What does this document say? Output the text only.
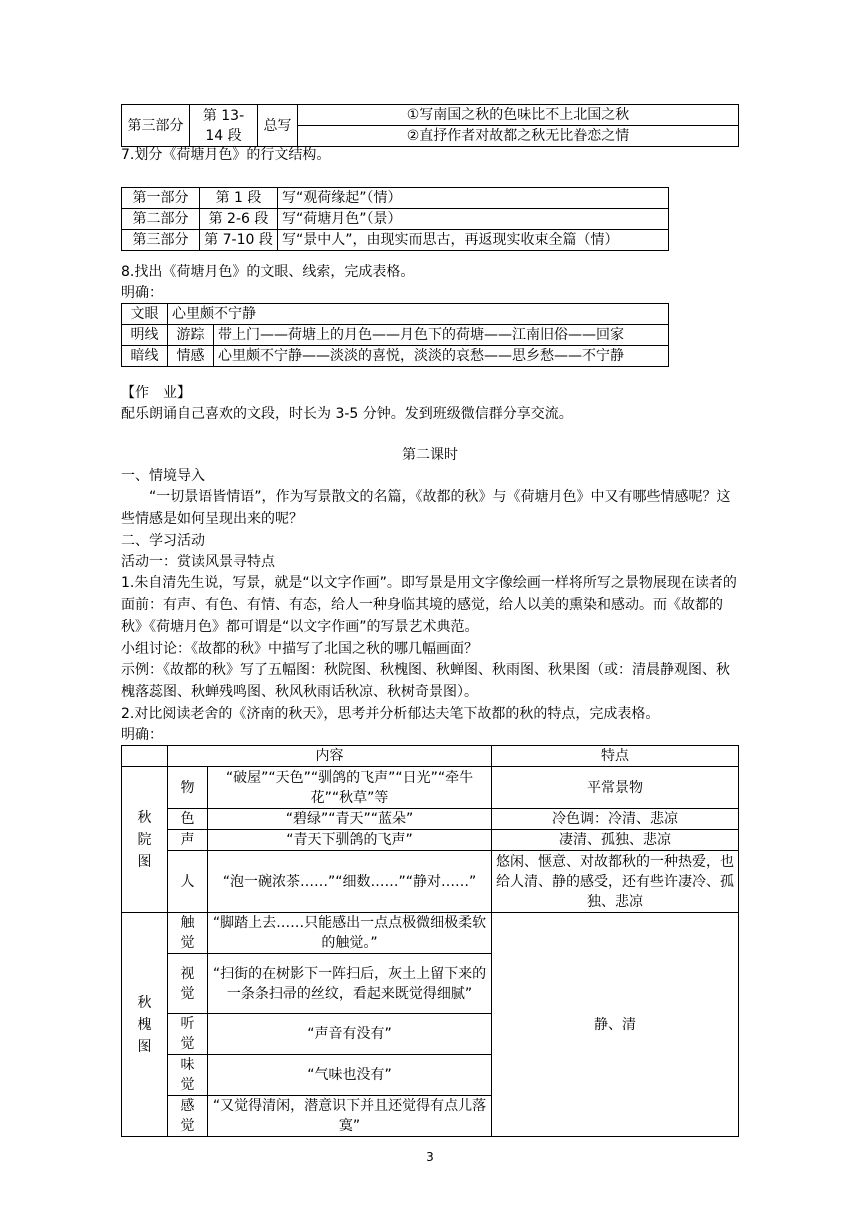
第三部分	第 13-14 段	总写	①写南国之秋的色味比不上北国之秋
②直抒作者对故都之秋无比眷恋之情
7.划分《荷塘月色》的行文结构。
第一部分	第 1 段	写“观荷缘起”（情）
第二部分	第 2-6 段	写“荷塘月色”（景）
第三部分	第 7-10 段	写“景中人”，由现实而思古，再返现实收束全篇（情）
8.找出《荷塘月色》的文眼、线索，完成表格。
明确：
文眼	心里颇不宁静	
明线	游踪	带上门——荷塘上的月色——月色下的荷塘——江南旧俗——回家
暗线	情感	心里颇不宁静——淡淡的喜悦，淡淡的哀愁——思乡愁——不宁静
【作　业】
配乐朗诵自己喜欢的文段，时长为 3-5 分钟。发到班级微信群分享交流。
第二课时
一、情境导入
“一切景语皆情语”，作为写景散文的名篇，《故都的秋》与《荷塘月色》中又有哪些情感呢？这些情感是如何呈现出来的呢？
二、学习活动
活动一：赏读风景寻特点
1.朱自清先生说，写景，就是“以文字作画”。即写景是用文字像绘画一样将所写之景物展现在读者的面前：有声、有色、有情、有态，给人一种身临其境的感觉，给人以美的熏染和感动。而《故都的秋》《荷塘月色》都可谓是“以文字作画”的写景艺术典范。
小组讨论：《故都的秋》中描写了北国之秋的哪几幅画面？
示例：《故都的秋》写了五幅图：秋院图、秋槐图、秋蝉图、秋雨图、秋果图（或：清晨静观图、秋槐落蕊图、秋蝉残鸣图、秋风秋雨话秋凉、秋树奇景图）。
2.对比阅读老舍的《济南的秋天》，思考并分析郁达夫笔下故都的秋的特点，完成表格。
明确：
	内容		特点
秋院图	物	“破屋”“天色”“驯鸽的飞声”“日光”“牵牛花”“秋草”等	平常景物
	色	“碧绿”“青天”“蓝朵”	冷色调：冷清、悲凉
	声	“青天下驯鸽的飞声”	凄清、孤独、悲凉
	人	“泡一碗浓茶……”“细数……”“静对……”	悠闲、惬意、对故都秋的一种热爱，也给人清、静的感受，还有些许凄冷、孤独、悲凉
秋槐图	触觉	“脚踏上去……只能感出一点点极微细极柔软的触觉。”	静、清
	视觉	“扫街的在树影下一阵扫后，灰土上留下来的一条条扫帚的丝纹，看起来既觉得细腻”	
	听觉	“声音有没有”	
	味觉	“气味也没有”	
	感觉	“又觉得清闲，潜意识下并且还觉得有点儿落寞”	
3
